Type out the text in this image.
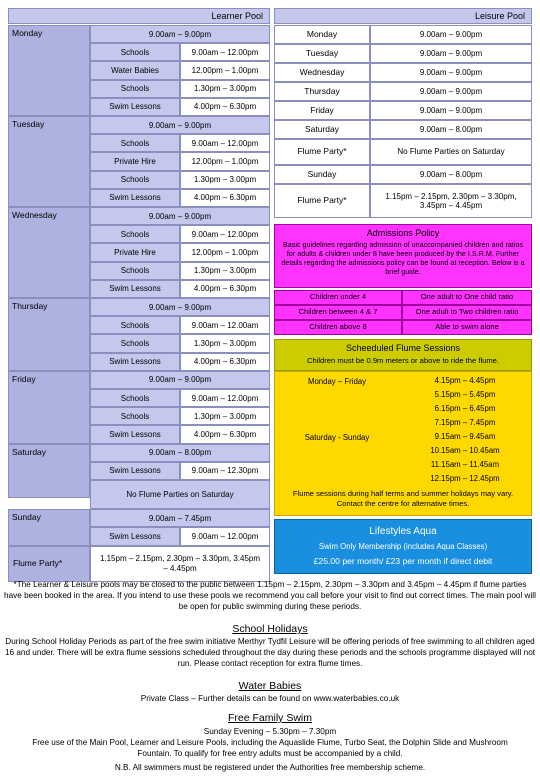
Learner Pool	Leisure Pool
Monday	9.00am – 9.00pm
Schools	9.00am – 12.00pm
Water Babies	12.00pm – 1.00pm
Schools	1.30pm – 3.00pm
Swim Lessons	4.00pm – 6.30pm
Tuesday	9.00am – 9.00pm
Schools	9.00am – 12.00pm
Private Hire	12.00pm – 1.00pm
Schools	1.30pm – 3.00pm
Swim Lessons	4.00pm – 6.30pm
Wednesday	9.00am – 9.00pm
Schools	9.00am – 12.00pm
Private Hire	12.00pm – 1.00pm
Schools	1.30pm – 3.00pm
Swim Lessons	4.00pm – 6.30pm
Thursday	9.00am – 9.00pm
Schools	9.00am – 12.00am
Schools	1.30pm – 3.00pm
Swim Lessons	4.00pm – 6.30pm
Friday	9.00am – 9.00pm
Schools	9.00am – 12.00pm
Schools	1.30pm – 3.00pm
Swim Lessons	4.00pm – 6.30pm
Saturday	9.00am – 8.00pm
Swim Lessons	9.00am – 12.30pm
No Flume Parties on Saturday
Sunday	9.00am – 7.45pm
Swim Lessons	9.00am – 12.00pm
Flume Party*	1.15pm – 2.15pm, 2.30pm – 3.30pm, 3.45pm – 4.45pm
Monday	9.00am – 9.00pm
Tuesday	9.00am – 9.00pm
Wednesday	9.00am – 9.00pm
Thursday	9.00am – 9.00pm
Friday	9.00am – 9.00pm
Saturday	9.00am – 8.00pm
Flume Party*	No Flume Parties on Saturday
Sunday	9.00am – 8.00pm
Flume Party*	1.15pm – 2.15pm, 2.30pm – 3.30pm, 3.45pm – 4.45pm
Admissions Policy
Basic guidelines regarding admission of unaccompanied children and ratios for adults & children under 8 have been produced by the I.S.R.M. Further details regarding the admissions policy can be found at reception. Below is a brief guide.
Children under 4	One adult to One child ratio
Children between 4 & 7	One adult to Two children ratio
Children above 8	Able to swim alone
Scheeduled Flume Sessions
Children must be 0.9m meters or above to ride the flume.
Monday – Friday	4.15pm – 4.45pm
5.15pm – 5.45pm
6.15pm – 6.45pm
7.15pm – 7.45pm
Saturday - Sunday	9.15am – 9.45am
10.15am – 10.45am
11.15am – 11.45am
12.15pm – 12.45pm
Flume sessions during half terms and summer holidays may vary. Contact the centre for alternative times.
Lifestyles Aqua
Swim Only Membership (includes Aqua Classes)
£25.00 per month/ £23 per month if direct debit
*The Learner & Leisure pools may be closed to the public between 1.15pm – 2.15pm, 2.30pm – 3.30pm and 3.45pm – 4.45pm if flume parties have been booked in the area. If you intend to use these pools we recommend you call before your visit to find out correct times. The main pool will be open for public swimming during these periods.
School Holidays
During School Holiday Periods as part of the free swim initiative Merthyr Tydfil Leisure will be offering periods of free swimming to all children aged 16 and under. There will be extra flume sessions scheduled throughout the day during these periods and the schools programme displayed will not run. Please contact reception for extra flume times.
Water Babies
Private Class – Further details can be found on www.waterbabies.co.uk
Free Family Swim
Sunday Evening – 5.30pm – 7.30pm
Free use of the Main Pool, Learner and Leisure Pools, including the Aquaslide Flume, Turbo Seat, the Dolphin Slide and Mushroom Fountain. To qualify for free entry adults must be accompanied by a child.
N.B. All swimmers must be registered under the Authorities free membership scheme.
